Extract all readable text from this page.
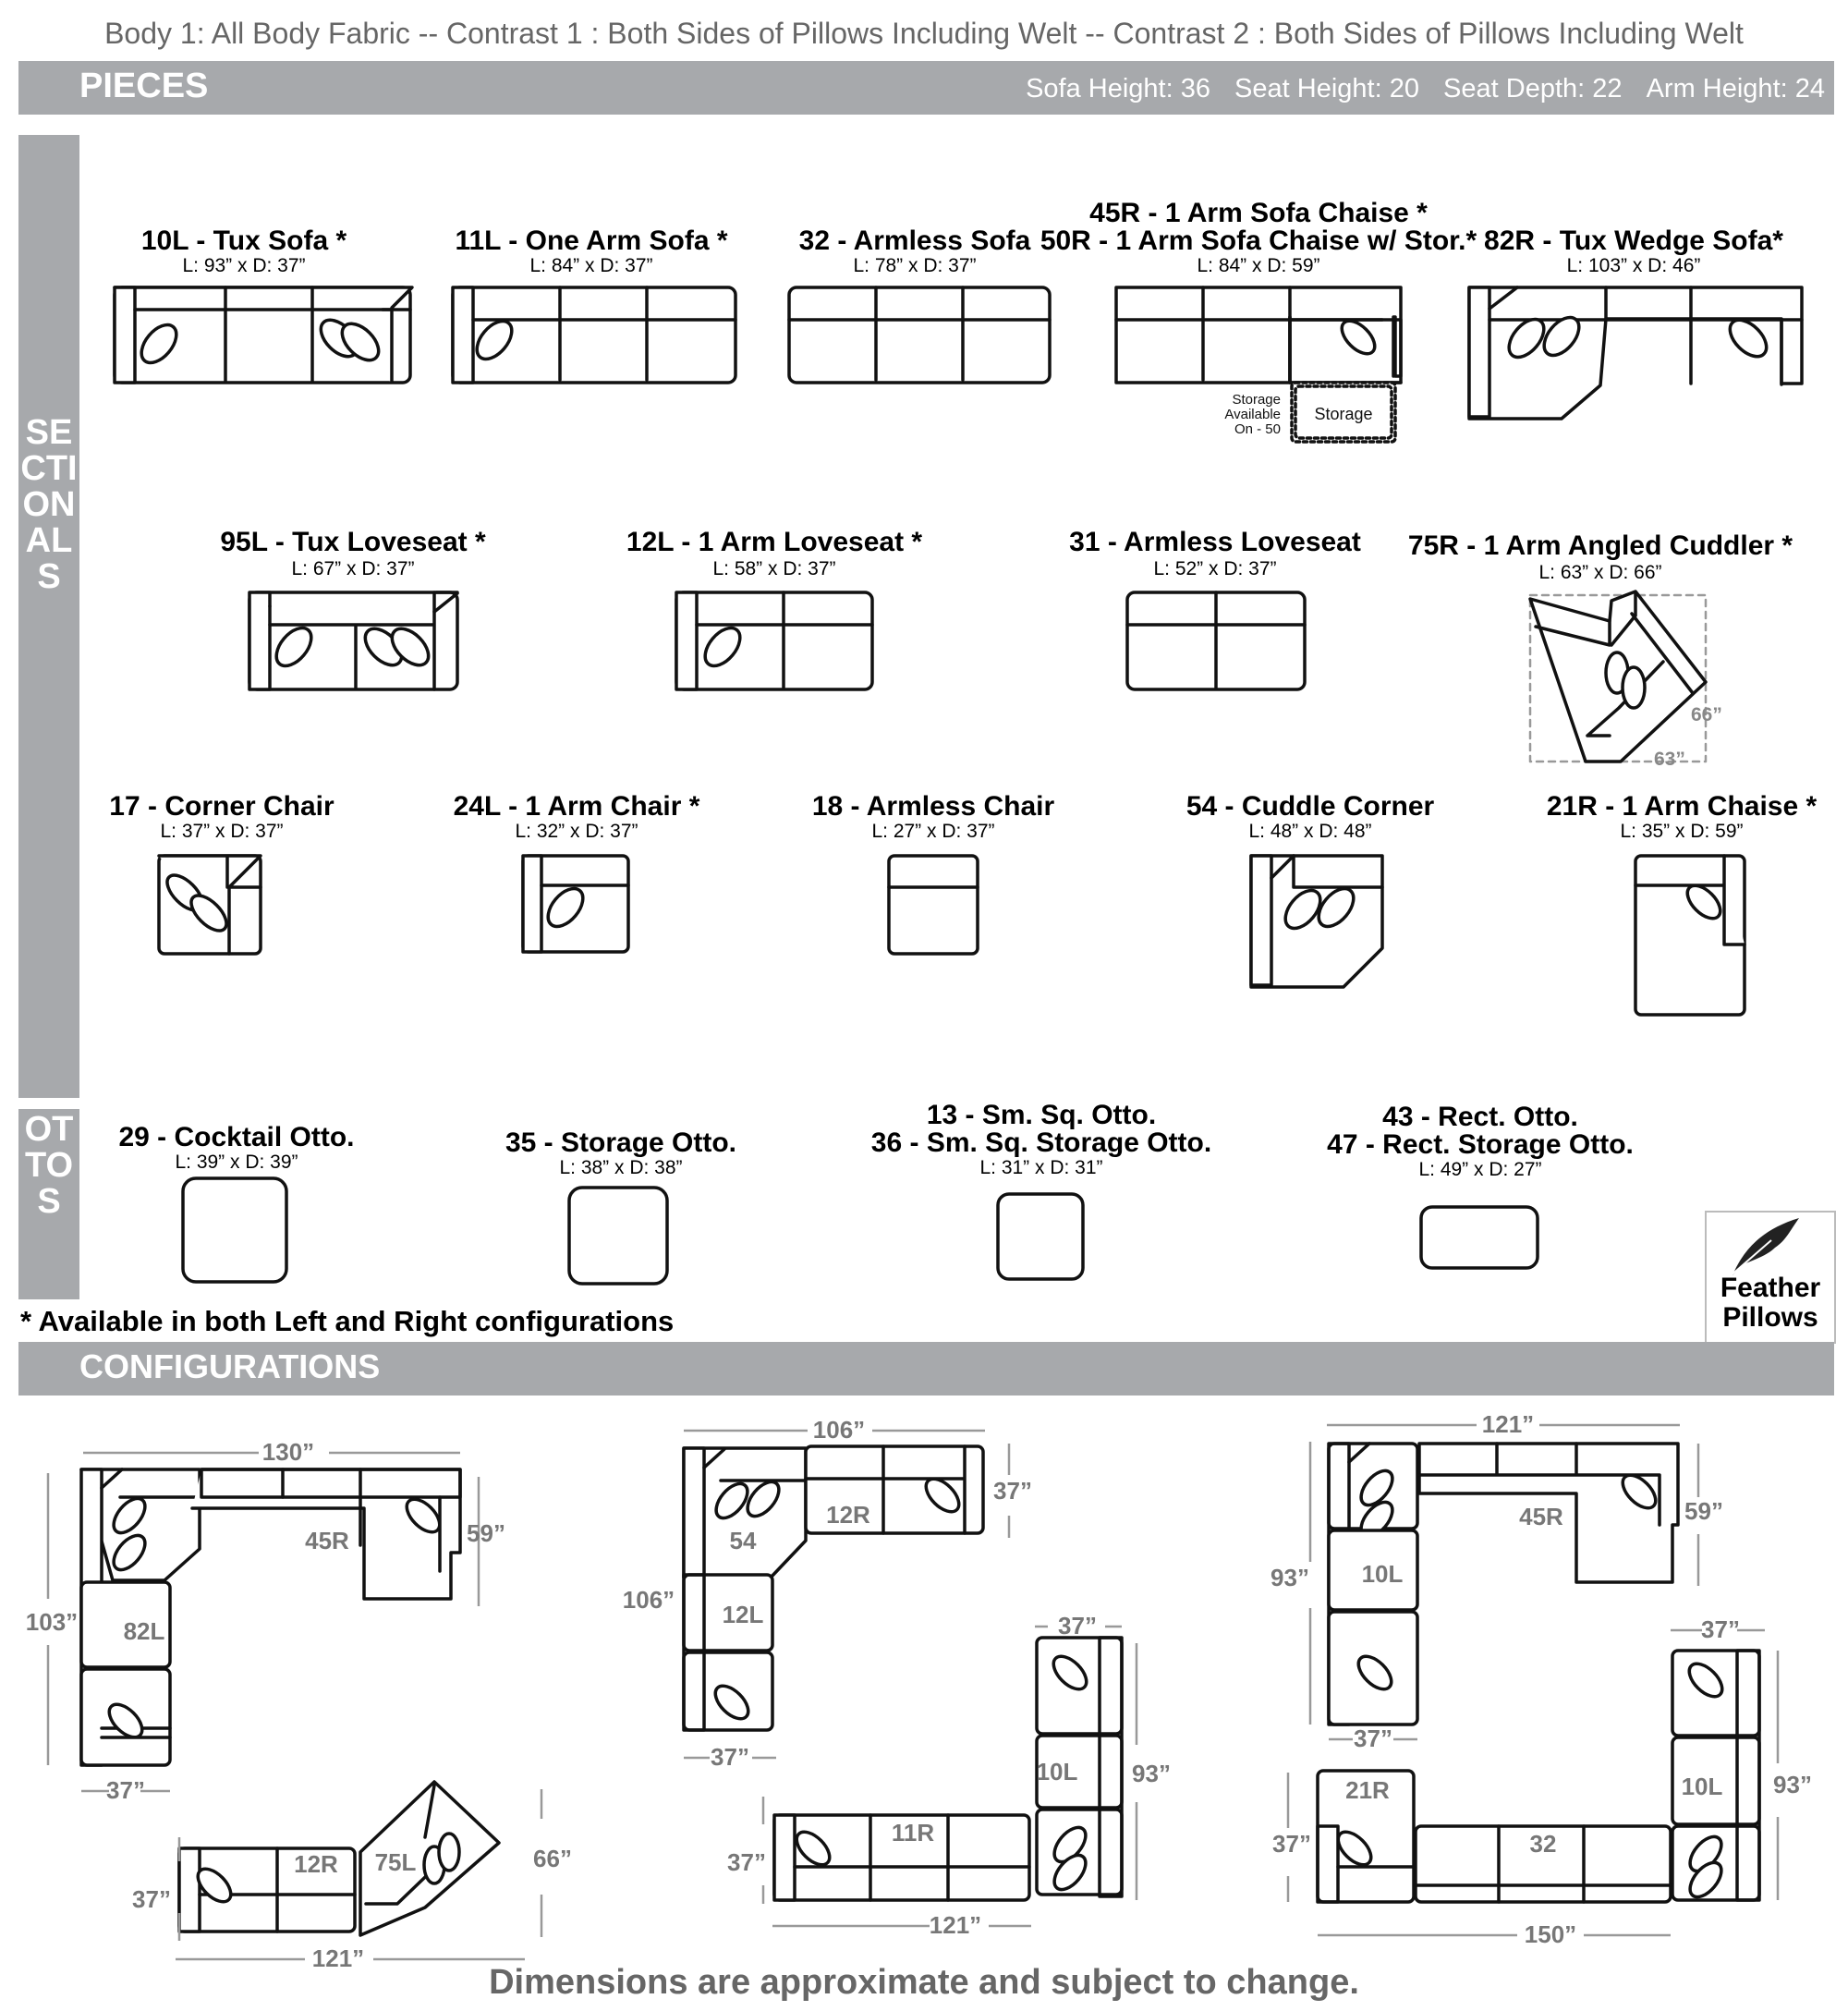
Body 1: All Body Fabric -- Contrast 1 : Both Sides of Pillows Including Welt -- Contrast 2 : Both Sides of Pillows Including Welt
PIECES	Sofa Height: 36 Seat Height: 20 Seat Depth: 22 Arm Height: 24
SECTIONALS
OTTOS
10L - Tux Sofa *
L: 93” x D: 37”
11L - One Arm Sofa *
L: 84” x D: 37”
32 - Armless Sofa
L: 78” x D: 37”
45R - 1 Arm Sofa Chaise *
50R - 1 Arm Sofa Chaise w/ Stor.*
L: 84” x D: 59”
82R - Tux Wedge Sofa*
L: 103” x D: 46”
95L - Tux Loveseat *
L: 67” x D: 37”
12L - 1 Arm Loveseat *
L: 58” x D: 37”
31 - Armless Loveseat
L: 52” x D: 37”
75R - 1 Arm Angled Cuddler *
L: 63” x D: 66”
17 - Corner Chair
L: 37” x D: 37”
24L - 1 Arm Chair *
L: 32” x D: 37”
18 - Armless Chair
L: 27” x D: 37”
54 - Cuddle Corner
L: 48” x D: 48”
21R - 1 Arm Chaise *
L: 35” x D: 59”
29 - Cocktail Otto.
L: 39” x D: 39”
35 - Storage Otto.
L: 38” x D: 38”
13 - Sm. Sq. Otto.
36 - Sm. Sq. Storage Otto.
L: 31” x D: 31”
43 - Rect. Otto.
47 - Rect. Storage Otto.
L: 49” x D: 27”
Storage
Available
On - 50
Storage
66”
63”
130”
59”
103”
37”
82L
45R
37”
121”
66”
12R 75L
106”
37”
106”
37”
54
12R
12L	37”
93”
10L
37”
121”
11R
121”
59”
93”
37”
45R
10L
37”
93”
10L
37”
150”
21R
32
* Available in both Left and Right configurations
Feather
Pillows
CONFIGURATIONS
Dimensions are approximate and subject to change.
